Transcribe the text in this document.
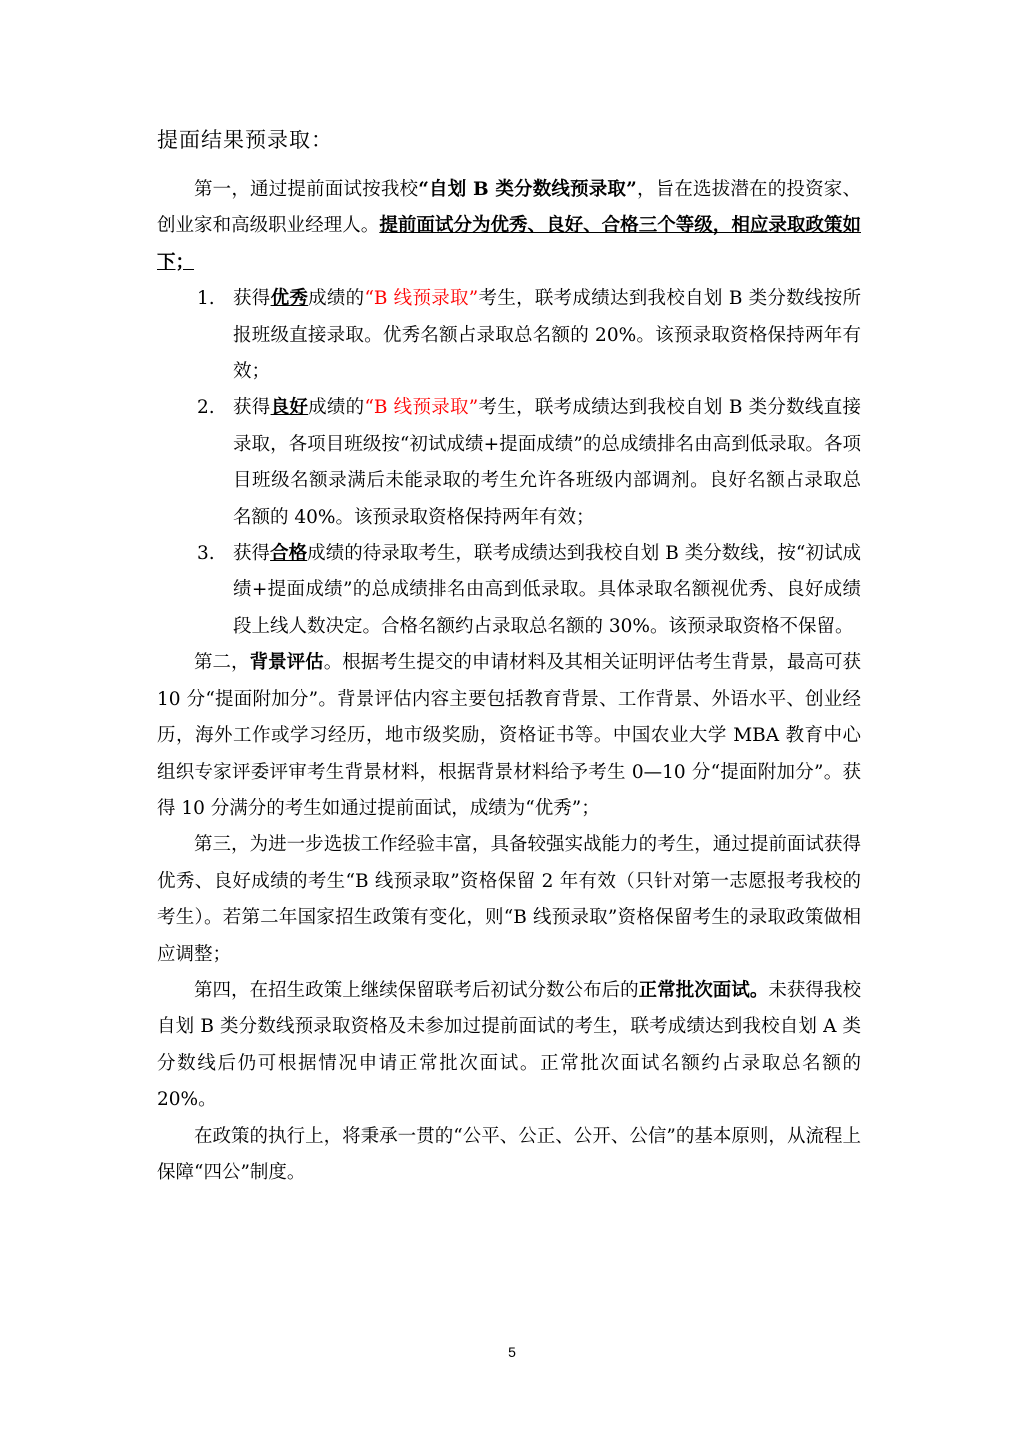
提面结果预录取：

第一，通过提前面试按我校“自划 B 类分数线预录取”，旨在选拔潜在的投资家、创业家和高级职业经理人。提前面试分为优秀、良好、合格三个等级，相应录取政策如下；

1. 获得优秀成绩的“B 线预录取”考生，联考成绩达到我校自划 B 类分数线按所报班级直接录取。优秀名额占录取总名额的 20%。该预录取资格保持两年有效；
2. 获得良好成绩的“B 线预录取”考生，联考成绩达到我校自划 B 类分数线直接录取，各项目班级按“初试成绩+提面成绩”的总成绩排名由高到低录取。各项目班级名额录满后未能录取的考生允许各班级内部调剂。良好名额占录取总名额的 40%。该预录取资格保持两年有效；
3. 获得合格成绩的待录取考生，联考成绩达到我校自划 B 类分数线，按“初试成绩+提面成绩”的总成绩排名由高到低录取。具体录取名额视优秀、良好成绩段上线人数决定。合格名额约占录取总名额的 30%。该预录取资格不保留。

第二，背景评估。根据考生提交的申请材料及其相关证明评估考生背景，最高可获 10 分“提面附加分”。背景评估内容主要包括教育背景、工作背景、外语水平、创业经历，海外工作或学习经历，地市级奖励，资格证书等。中国农业大学 MBA 教育中心组织专家评委评审考生背景材料，根据背景材料给予考生 0—10 分“提面附加分”。获得 10 分满分的考生如通过提前面试，成绩为“优秀”；

第三，为进一步选拔工作经验丰富，具备较强实战能力的考生，通过提前面试获得优秀、良好成绩的考生“B 线预录取”资格保留 2 年有效（只针对第一志愿报考我校的考生）。若第二年国家招生政策有变化，则“B 线预录取”资格保留考生的录取政策做相应调整；

第四，在招生政策上继续保留联考后初试分数公布后的正常批次面试。未获得我校自划 B 类分数线预录取资格及未参加过提前面试的考生，联考成绩达到我校自划 A 类分数线后仍可根据情况申请正常批次面试。正常批次面试名额约占录取总名额的 20%。

在政策的执行上，将秉承一贯的“公平、公正、公开、公信”的基本原则，从流程上保障“四公”制度。

5
